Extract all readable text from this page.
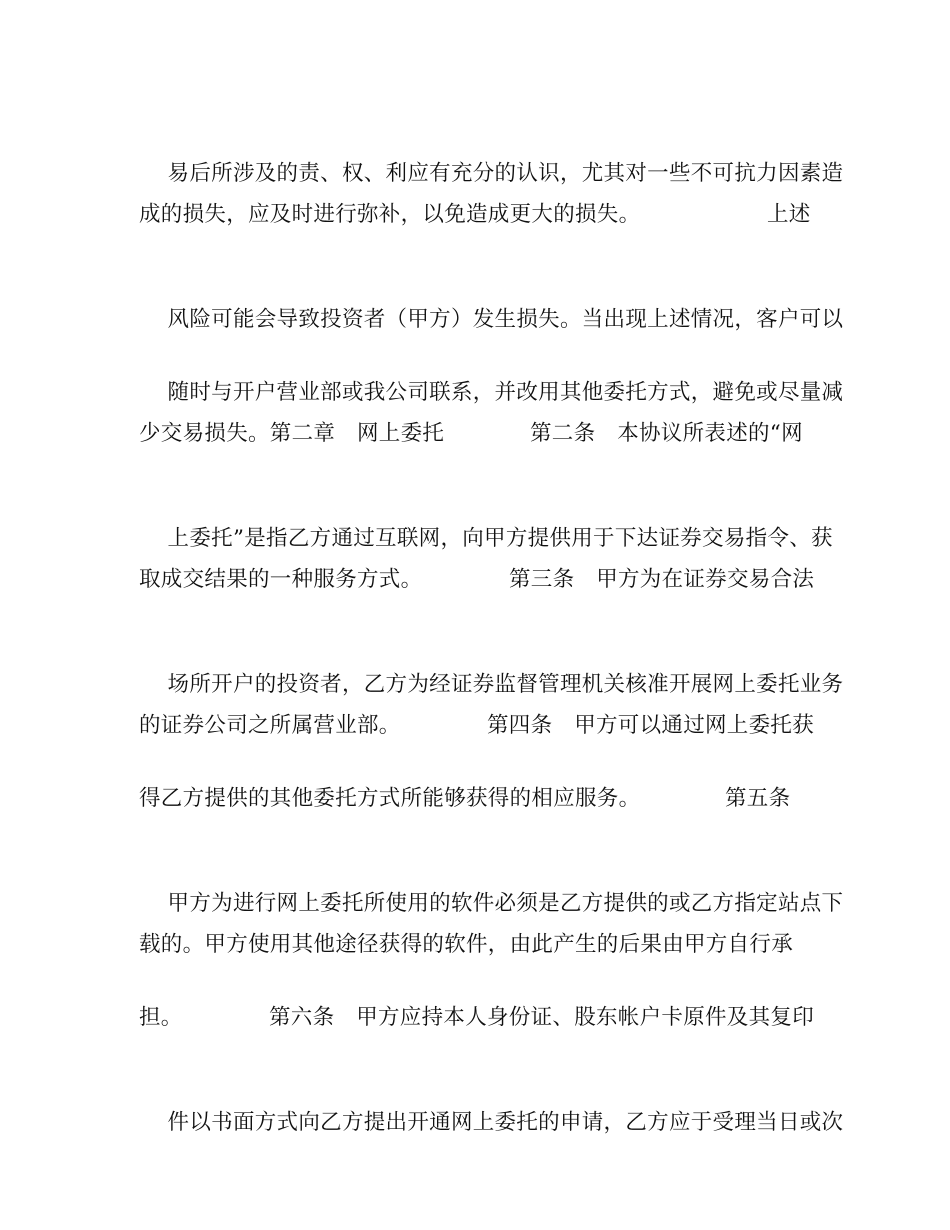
易后所涉及的责、权、利应有充分的认识，尤其对一些不可抗力因素造

成的损失，应及时进行弥补，以免造成更大的损失。

	上述

风险可能会导致投资者（甲方）发生损失。当出现上述情况，客户可以

随时与开户营业部或我公司联系，并改用其他委托方式，避免或尽量减

少交易损失。第二章　网上委托

	第二条　本协议所表述的“网

上委托”是指乙方通过互联网，向甲方提供用于下达证券交易指令、获

取成交结果的一种服务方式。

	第三条　甲方为在证券交易合法

场所开户的投资者，乙方为经证券监督管理机关核准开展网上委托业务

的证券公司之所属营业部。

	第四条　甲方可以通过网上委托获

得乙方提供的其他委托方式所能够获得的相应服务。

	第五条

甲方为进行网上委托所使用的软件必须是乙方提供的或乙方指定站点下

载的。甲方使用其他途径获得的软件，由此产生的后果由甲方自行承

担。

	第六条　甲方应持本人身份证、股东帐户卡原件及其复印

件以书面方式向乙方提出开通网上委托的申请，乙方应于受理当日或次
